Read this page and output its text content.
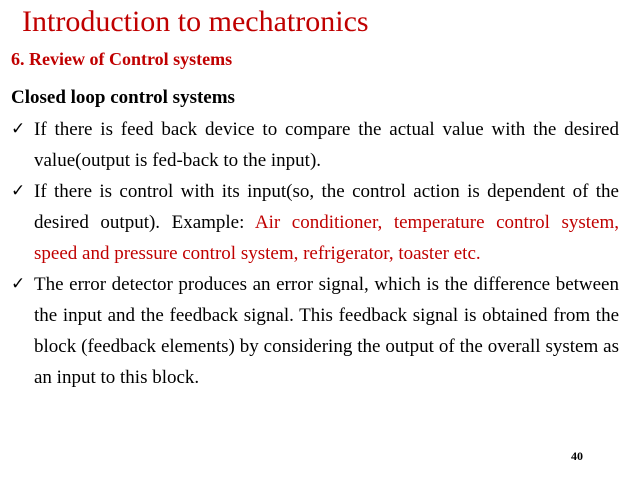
Introduction to mechatronics
6. Review of Control systems
Closed loop control systems
✓ If there is feed back device to compare the actual value with the desired value(output is fed-back to the input).
✓ If there is control with its input(so, the control action is dependent of the desired output). Example: Air conditioner, temperature control system, speed and pressure control system, refrigerator, toaster etc.
✓ The error detector produces an error signal, which is the difference between the input and the feedback signal. This feedback signal is obtained from the block (feedback elements) by considering the output of the overall system as an input to this block.
40
